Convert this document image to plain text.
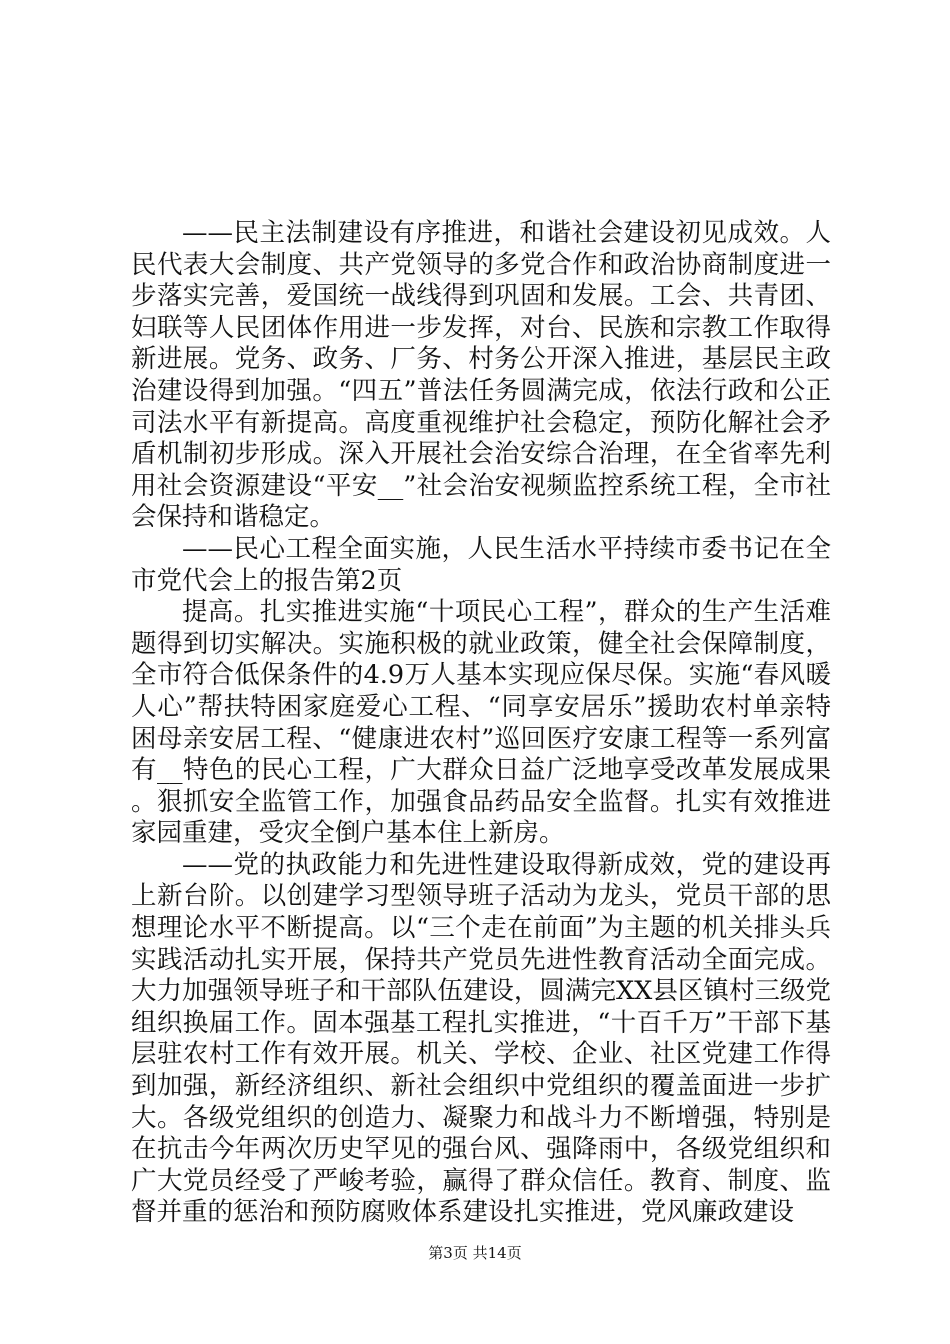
——民主法制建设有序推进，和谐社会建设初见成效。人民代表大会制度、共产党领导的多党合作和政治协商制度进一步落实完善，爱国统一战线得到巩固和发展。工会、共青团、妇联等人民团体作用进一步发挥，对台、民族和宗教工作取得新进展。党务、政务、厂务、村务公开深入推进，基层民主政治建设得到加强。“四五”普法任务圆满完成，依法行政和公正司法水平有新提高。高度重视维护社会稳定，预防化解社会矛盾机制初步形成。深入开展社会治安综合治理，在全省率先利用社会资源建设“平安__”社会治安视频监控系统工程，全市社会保持和谐稳定。

——民心工程全面实施，人民生活水平持续市委书记在全市党代会上的报告第2页

提高。扎实推进实施“十项民心工程”，群众的生产生活难题得到切实解决。实施积极的就业政策，健全社会保障制度，全市符合低保条件的4.9万人基本实现应保尽保。实施“春风暖人心”帮扶特困家庭爱心工程、“同享安居乐”援助农村单亲特困母亲安居工程、“健康进农村”巡回医疗安康工程等一系列富有__特色的民心工程，广大群众日益广泛地享受改革发展成果。狠抓安全监管工作，加强食品药品安全监督。扎实有效推进家园重建，受灾全倒户基本住上新房。

——党的执政能力和先进性建设取得新成效，党的建设再上新台阶。以创建学习型领导班子活动为龙头，党员干部的思想理论水平不断提高。以“三个走在前面”为主题的机关排头兵实践活动扎实开展，保持共产党员先进性教育活动全面完成。大力加强领导班子和干部队伍建设，圆满完XX县区镇村三级党组织换届工作。固本强基工程扎实推进，“十百千万”干部下基层驻农村工作有效开展。机关、学校、企业、社区党建工作得到加强，新经济组织、新社会组织中党组织的覆盖面进一步扩大。各级党组织的创造力、凝聚力和战斗力不断增强，特别是在抗击今年两次历史罕见的强台风、强降雨中，各级党组织和广大党员经受了严峻考验，赢得了群众信任。教育、制度、监督并重的惩治和预防腐败体系建设扎实推进，党风廉政建设

第3页 共14页
